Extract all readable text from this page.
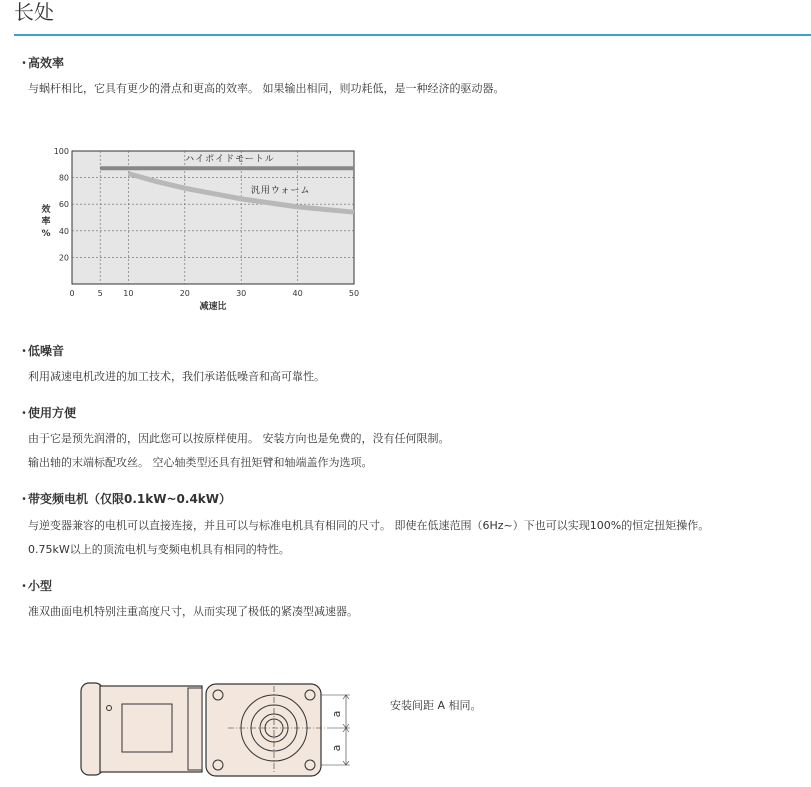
长处

・高效率

与蜗杆相比，它具有更少的滑点和更高的效率。 如果输出相同，则功耗低，是一种经济的驱动器。

20
40
60
80
100
0	5	10	20	30	40	50
减速比
效
率
%
ハイポイドモートル
汎用ウォーム

・低噪音

利用减速电机改进的加工技术，我们承诺低噪音和高可靠性。

・使用方便

由于它是预先润滑的，因此您可以按原样使用。 安装方向也是免费的，没有任何限制。

输出轴的末端标配攻丝。 空心轴类型还具有扭矩臂和轴端盖作为选项。

・带变频电机（仅限0.1kW~0.4kW）

与逆变器兼容的电机可以直接连接，并且可以与标准电机具有相同的尺寸。 即使在低速范围（6Hz~）下也可以实现100%的恒定扭矩操作。

0.75kW以上的顶流电机与变频电机具有相同的特性。

・小型

准双曲面电机特别注重高度尺寸，从而实现了极低的紧凑型减速器。

a
a

安装间距 A 相同。
